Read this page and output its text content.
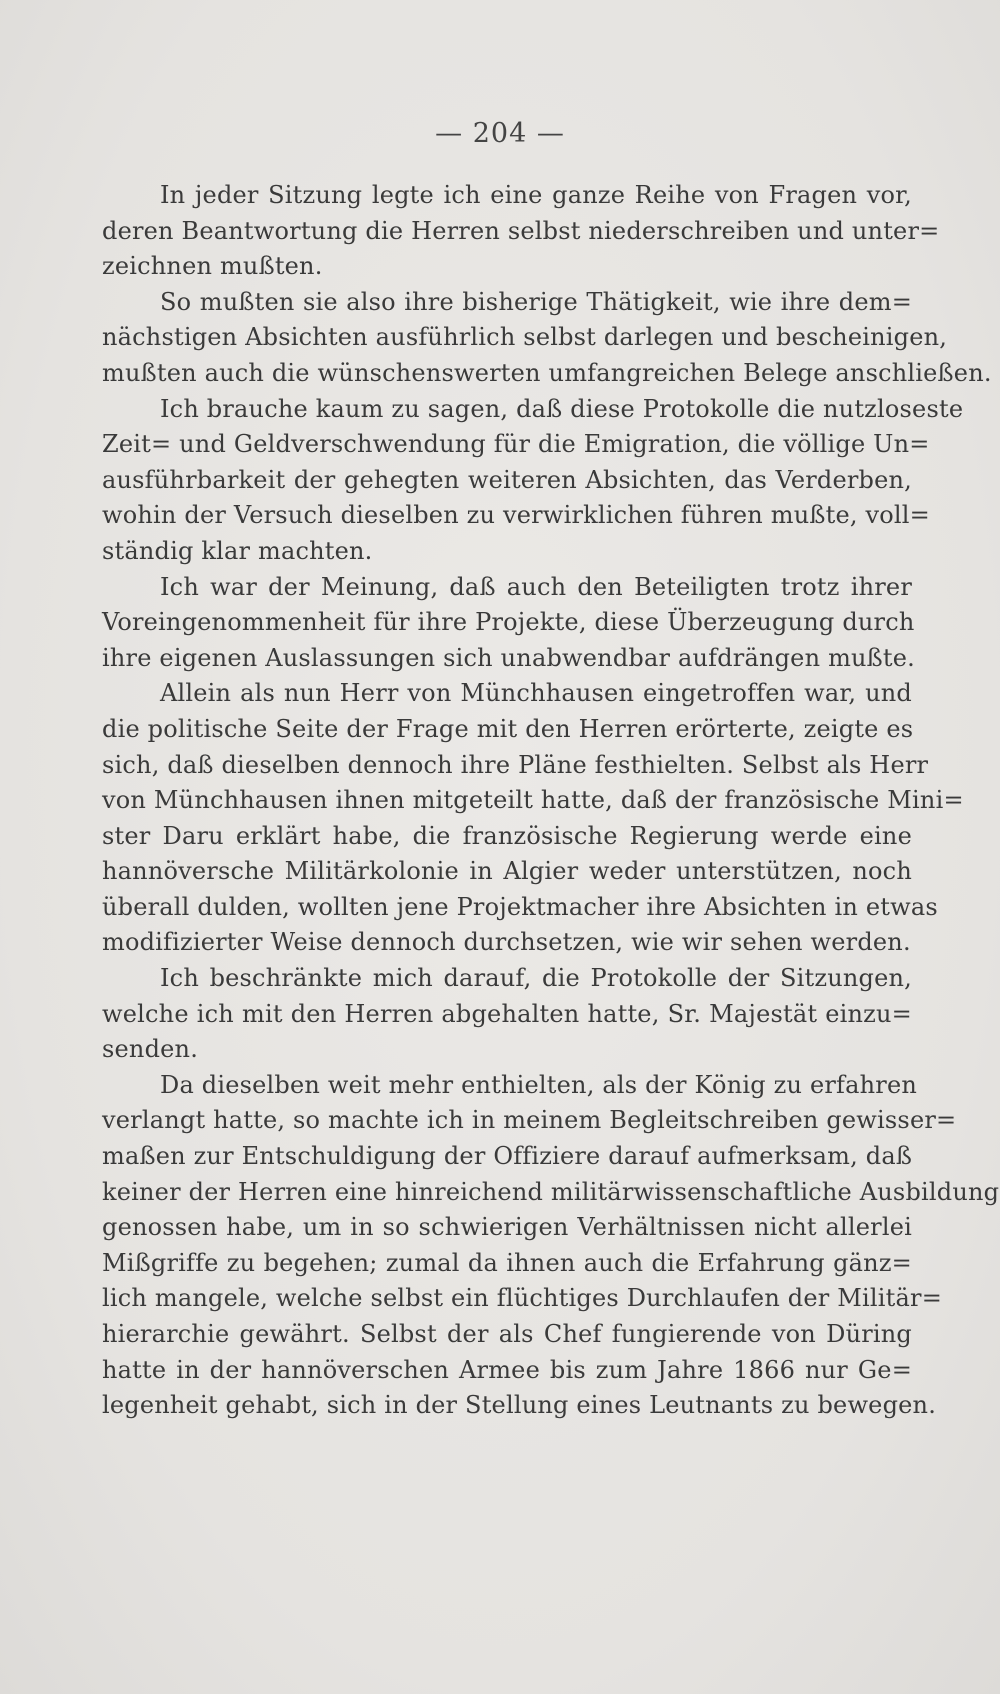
— 204 —
In jeder Sitzung legte ich eine ganze Reihe von Fragen vor,
deren Beantwortung die Herren selbst niederschreiben und unter=
zeichnen mußten.
So mußten sie also ihre bisherige Thätigkeit, wie ihre dem=
nächstigen Absichten ausführlich selbst darlegen und bescheinigen,
mußten auch die wünschenswerten umfangreichen Belege anschließen.
Ich brauche kaum zu sagen, daß diese Protokolle die nutzloseste
Zeit= und Geldverschwendung für die Emigration, die völlige Un=
ausführbarkeit der gehegten weiteren Absichten, das Verderben,
wohin der Versuch dieselben zu verwirklichen führen mußte, voll=
ständig klar machten.
Ich war der Meinung, daß auch den Beteiligten trotz ihrer
Voreingenommenheit für ihre Projekte, diese Überzeugung durch
ihre eigenen Auslassungen sich unabwendbar aufdrängen mußte.
Allein als nun Herr von Münchhausen eingetroffen war, und
die politische Seite der Frage mit den Herren erörterte, zeigte es
sich, daß dieselben dennoch ihre Pläne festhielten. Selbst als Herr
von Münchhausen ihnen mitgeteilt hatte, daß der französische Mini=
ster Daru erklärt habe, die französische Regierung werde eine
hannöversche Militärkolonie in Algier weder unterstützen, noch
überall dulden, wollten jene Projektmacher ihre Absichten in etwas
modifizierter Weise dennoch durchsetzen, wie wir sehen werden.
Ich beschränkte mich darauf, die Protokolle der Sitzungen,
welche ich mit den Herren abgehalten hatte, Sr. Majestät einzu=
senden.
Da dieselben weit mehr enthielten, als der König zu erfahren
verlangt hatte, so machte ich in meinem Begleitschreiben gewisser=
maßen zur Entschuldigung der Offiziere darauf aufmerksam, daß
keiner der Herren eine hinreichend militärwissenschaftliche Ausbildung
genossen habe, um in so schwierigen Verhältnissen nicht allerlei
Mißgriffe zu begehen; zumal da ihnen auch die Erfahrung gänz=
lich mangele, welche selbst ein flüchtiges Durchlaufen der Militär=
hierarchie gewährt. Selbst der als Chef fungierende von Düring
hatte in der hannöverschen Armee bis zum Jahre 1866 nur Ge=
legenheit gehabt, sich in der Stellung eines Leutnants zu bewegen.
